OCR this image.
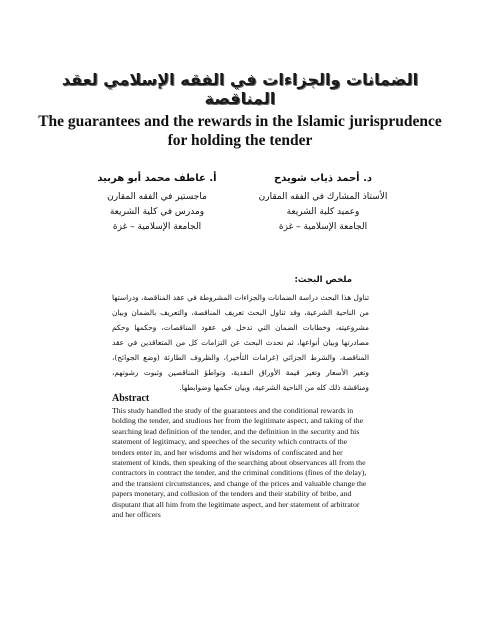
الضمانات والجزاءات في الفقه الإسلامي لعقد المناقصة
The guarantees and the rewards in the Islamic jurisprudence for holding the tender
د. أحمد ذياب شويدح
الأستاذ المشارك في الفقه المقارن
وعميد كلية الشريعة
الجامعة الإسلامية – غزة
أ. عاطف محمد أبو هربيد
ماجستير في الفقه المقارن
ومدرس في كلية الشريعة
الجامعة الإسلامية – غزة
ملخص البحث:
تناول هذا البحث دراسة الضمانات والجزاءات المشروطة في عقد المناقصة، ودراستها من الناحية الشرعية، وقد تناول البحث تعريف المناقصة، والتعريف بالضمان وبيان مشروعيته، وخطابات الضمان التي تدخل في عقود المناقصات، وحكمها وحكم مصادرتها وبيان أنواعها، ثم تحدث البحث عن التزامات كل من المتعاقدين في عقد المناقصة، والشرط الجزائي (غرامات التأخير)، والظروف الطارئة (وضع الجوائح)، وتغير الأسعار وتغير قيمة الأوراق النقدية، وتواطؤ المناقصين وثبوت رشوتهم، ومناقشة ذلك كله من الناحية الشرعية، وبيان حكمها وضوابطها.
Abstract
This study handled the study of the guarantees and the conditional rewards in holding the tender, and studious her from the legitimate aspect, and taking of the searching lead definition of the tender, and the definition in the security and his statement of legitimacy, and speeches of the security which contracts of the tenders enter in, and her wisdoms and her wisdoms of confiscated and her statement of kinds, then speaking of the searching about observances all from the contractors in contract the tender, and the criminal conditions (fines of the delay), and the transient circumstances, and change of the prices and valuable change the papers monetary, and collusion of the tenders and their stability of bribe, and disputant that all him from the legitimate aspect, and her statement of arbitrator and her officers
